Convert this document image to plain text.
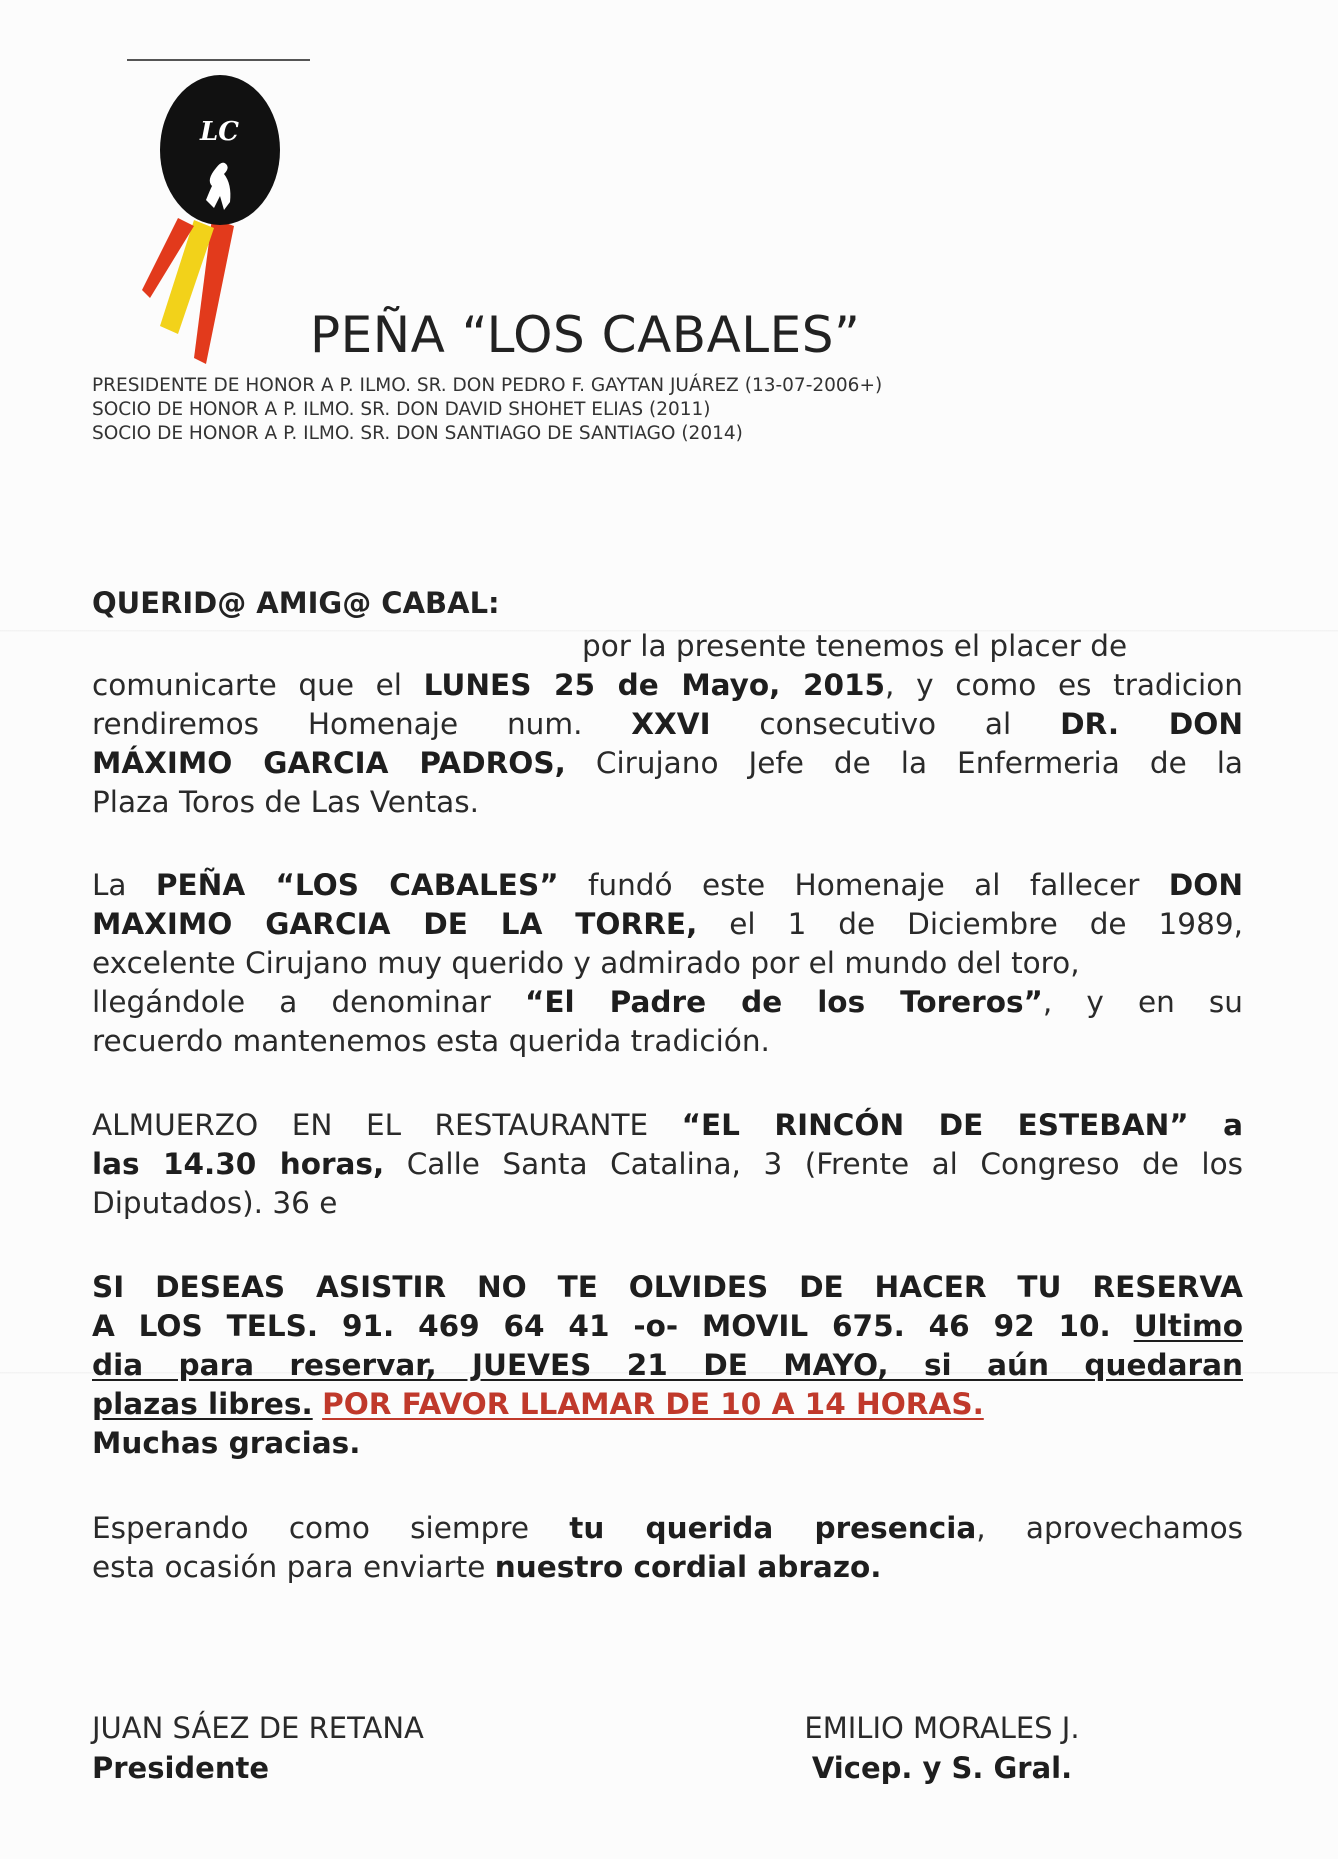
LC
PEÑA “LOS CABALES”
PRESIDENTE DE HONOR A P. ILMO. SR. DON PEDRO F. GAYTAN JUÁREZ (13-07-2006+)
SOCIO DE HONOR A P. ILMO. SR. DON DAVID SHOHET ELIAS (2011)
SOCIO DE HONOR A P. ILMO. SR. DON SANTIAGO DE SANTIAGO (2014)
QUERID@ AMIG@ CABAL:
por la presente tenemos el placer de
comunicarte que el LUNES 25 de Mayo, 2015, y como es tradicion
rendiremos Homenaje num. XXVI consecutivo al DR. DON
MÁXIMO GARCIA PADROS, Cirujano Jefe de la Enfermeria de la
Plaza Toros de Las Ventas.
La PEÑA “LOS CABALES” fundó este Homenaje al fallecer DON
MAXIMO GARCIA DE LA TORRE, el 1 de Diciembre de 1989,
excelente Cirujano muy querido y admirado por el mundo del toro,
llegándole a denominar “El Padre de los Toreros”, y en su
recuerdo mantenemos esta querida tradición.
ALMUERZO EN EL RESTAURANTE “EL RINCÓN DE ESTEBAN” a
las 14.30 horas, Calle Santa Catalina, 3 (Frente al Congreso de los
Diputados). 36 e
SI DESEAS ASISTIR NO TE OLVIDES DE HACER TU RESERVA
A LOS TELS. 91. 469 64 41 -o- MOVIL 675. 46 92 10. Ultimo
dia para reservar, JUEVES 21 DE MAYO, si aún quedaran
plazas libres. POR FAVOR LLAMAR DE 10 A 14 HORAS.
Muchas gracias.
Esperando como siempre tu querida presencia, aprovechamos
esta ocasión para enviarte nuestro cordial abrazo.
JUAN SÁEZ DE RETANA
Presidente
EMILIO MORALES J.
Vicep. y S. Gral.
